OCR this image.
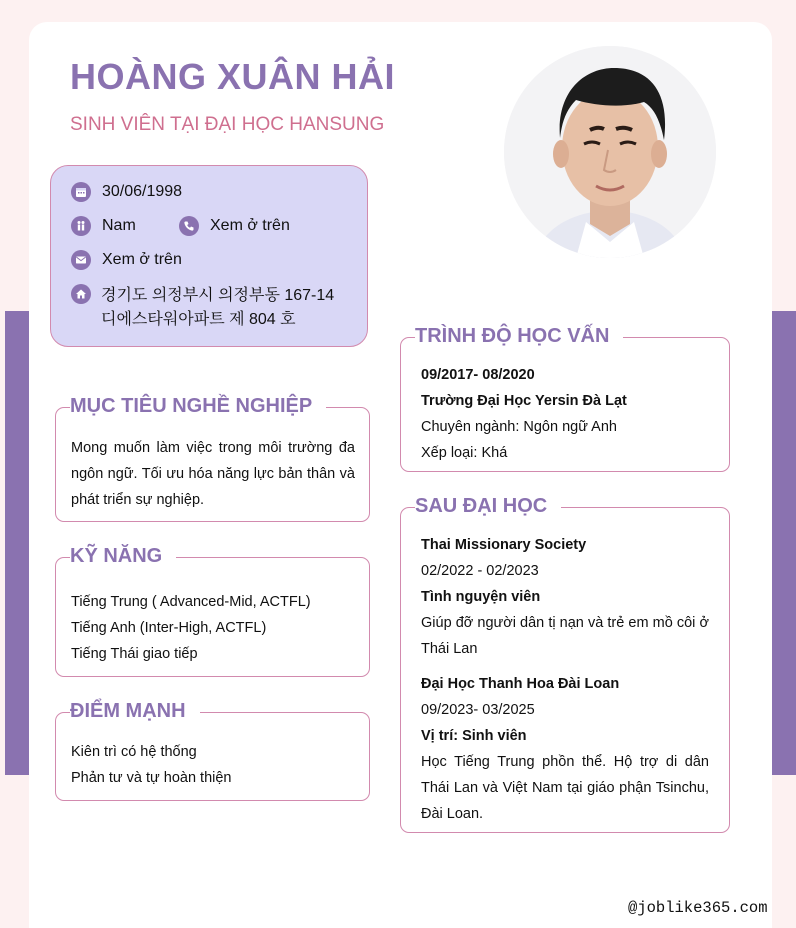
HOÀNG XUÂN HẢI
SINH VIÊN TẠI ĐẠI HỌC HANSUNG
30/06/1998
Nam	Xem ở trên
Xem ở trên
경기도 의정부시 의정부동 167-14
디에스타워아파트 제 804 호
Mong muốn làm việc trong môi trường đa ngôn ngữ. Tối ưu hóa năng lực bản thân và phát triển sự nghiệp.
MỤC TIÊU NGHỀ NGHIỆP
Tiếng Trung ( Advanced-Mid, ACTFL)
Tiếng Anh (Inter-High, ACTFL)
Tiếng Thái giao tiếp
KỸ NĂNG
Kiên trì có hệ thống
Phản tư và tự hoàn thiện
ĐIỂM MẠNH
09/2017- 08/2020
Trường Đại Học Yersin Đà Lạt
Chuyên ngành: Ngôn ngữ Anh
Xếp loại: Khá
TRÌNH ĐỘ HỌC VẤN
Thai Missionary Society
02/2022 - 02/2023
Tình nguyện viên
Giúp đỡ người dân tị nạn và trẻ em mồ côi ở Thái Lan
Đại Học Thanh Hoa Đài Loan
09/2023- 03/2025
Vị trí: Sinh viên
Học Tiếng Trung phồn thể. Hộ trợ di dân Thái Lan và Việt Nam tại giáo phận Tsinchu, Đài Loan.
SAU ĐẠI HỌC
@joblike365.com
